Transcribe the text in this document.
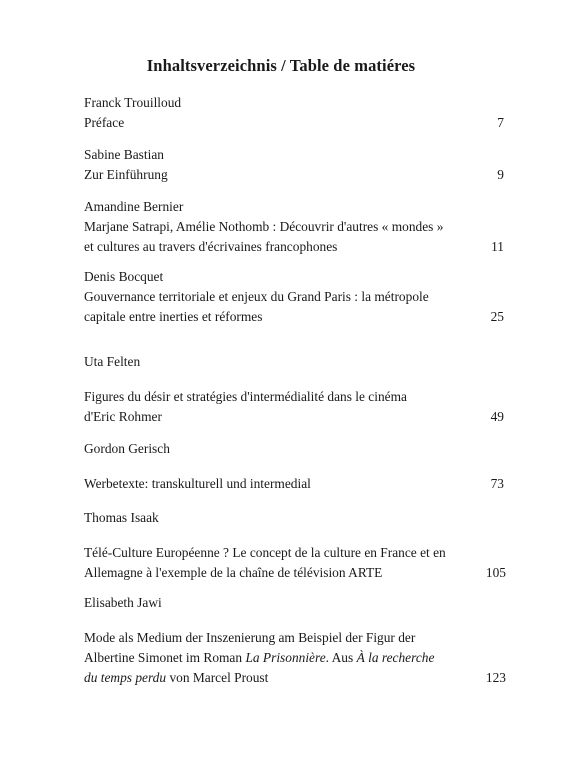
Inhaltsverzeichnis / Table de matiéres
Franck Trouilloud
Préface	7
Sabine Bastian
Zur Einführung	9
Amandine Bernier
Marjane Satrapi, Amélie Nothomb : Découvrir d'autres « mondes »
et cultures au travers d'écrivaines francophones	11
Denis Bocquet
Gouvernance territoriale et enjeux du Grand Paris : la métropole
capitale entre inerties et réformes	25
Uta Felten
Figures du désir et stratégies d'intermédialité dans le cinéma
d'Eric Rohmer	49
Gordon Gerisch
Werbetexte: transkulturell und intermedial	73
Thomas Isaak
Télé-Culture Européenne ? Le concept de la culture en France et en
Allemagne à l'exemple de la chaîne de télévision ARTE	105
Elisabeth Jawi
Mode als Medium der Inszenierung am Beispiel der Figur der
Albertine Simonet im Roman La Prisonnière. Aus À la recherche
du temps perdu von Marcel Proust	123
